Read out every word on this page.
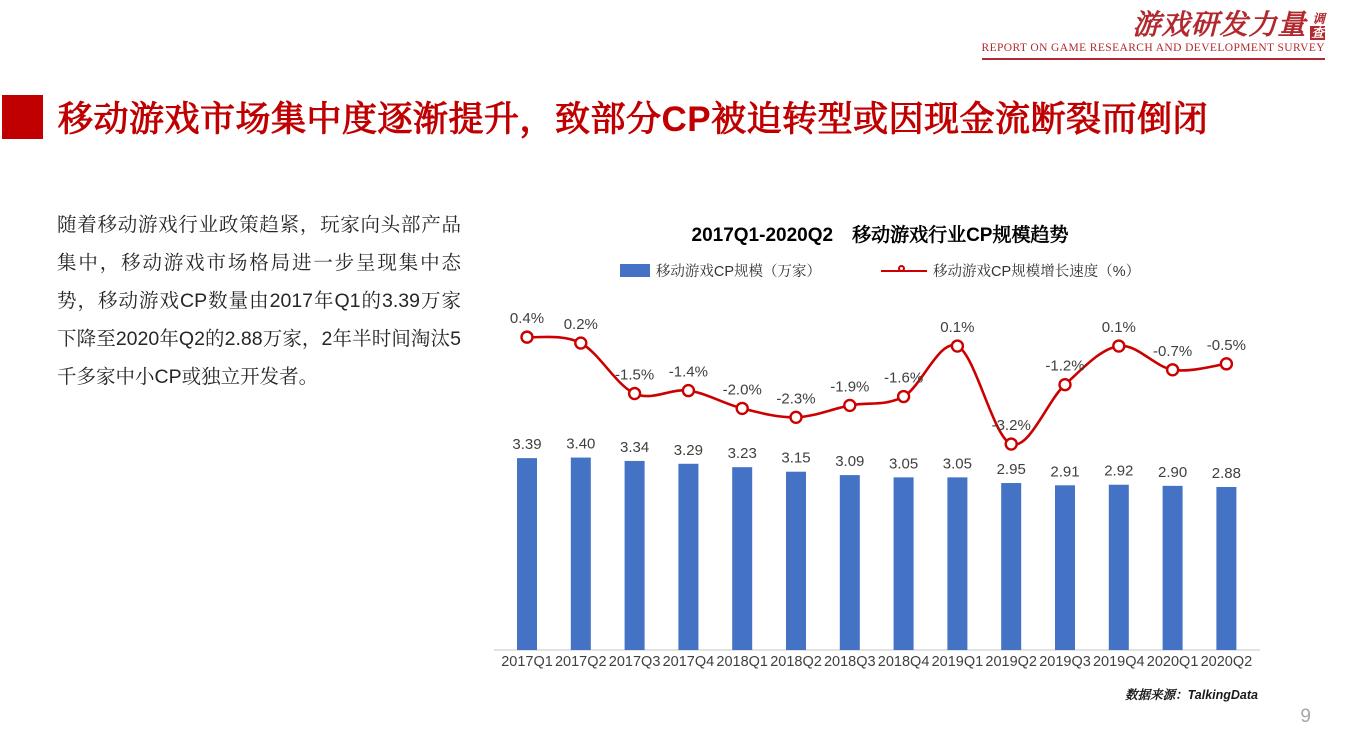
游戏研发力量 调
查
REPORT ON GAME RESEARCH AND DEVELOPMENT SURVEY
移动游戏市场集中度逐渐提升，致部分CP被迫转型或因现金流断裂而倒闭
随着移动游戏行业政策趋紧，玩家向头部产品集中，移动游戏市场格局进一步呈现集中态势，移动游戏CP数量由2017年Q1的3.39万家下降至2020年Q2的2.88万家，2年半时间淘汰5千多家中小CP或独立开发者。
2017Q1-2020Q2　移动游戏行业CP规模趋势
移动游戏CP规模（万家）	移动游戏CP规模增长速度（%）
3.39
2017Q1
3.40
2017Q2
3.34
2017Q3
3.29
2017Q4
3.23
2018Q1
3.15
2018Q2
3.09
2018Q3
3.05
2018Q4
3.05
2019Q1
2.95
2019Q2
2.91
2019Q3
2.92
2019Q4
2.90
2020Q1
2.88
2020Q2
0.4% 0.2%
-1.5% -1.4%
-2.0%
-2.3%
-1.9%
-1.6%
0.1%
-3.2%
-1.2%
0.1%
-0.7% -0.5%
数据来源：TalkingData
9
